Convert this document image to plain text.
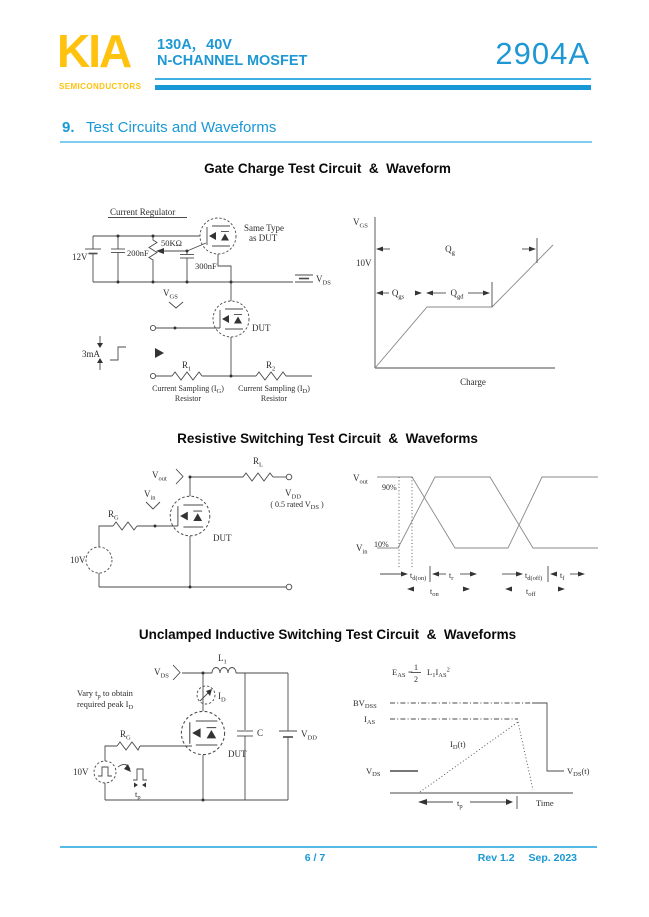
KIA
SEMICONDUCTORS
130A，40V
N-CHANNEL MOSFET	2904A
9. Test Circuits and Waveforms
Gate Charge Test Circuit  &  Waveform
Resistive Switching Test Circuit  &  Waveforms
Unclamped Inductive Switching Test Circuit  &  Waveforms
Current Regulator
12V	200nF
50KΩ
300nF
Same Type
as DUT
$V_{GS}$
DUT
3mA
$R_1$	$R_2$
Current Sampling $(I_G)$
Resistor
Current Sampling $(I_D)$
Resistor
$V_{DS}$
$V_{GS}$
10V
$Q_g$
$Q_{gs}$	$Q_{gd}$
Charge
$V_{out}$
$V_{in}$
$R_L$
$V_{DD}$
( 0.5 rated $V_{DS}$ )
$R_G$
DUT
10V
$V_{out}$
$V_{in}$
90%
10%
$t_{d(on)}$	$t_r$
$t_{on}$
$t_{d(off)}$ $t_f$
$t_{off}$
$V_{DS}$
$L_1$
$I_D$
Vary $t_p$ to obtain
required peak $I_D$
$R_G$
DUT
10V
$t_p$
C	$V_{DD}$
$E_{AS} = 1$
2
$L_1I_{AS}^2$
$BV_{DSS}$
$I_{AS}$
$I_D(t)$
$V_{DS}$	$V_{DS}(t)$
$t_p$	Time
6 / 7	Rev 1.2 Sep. 2023
